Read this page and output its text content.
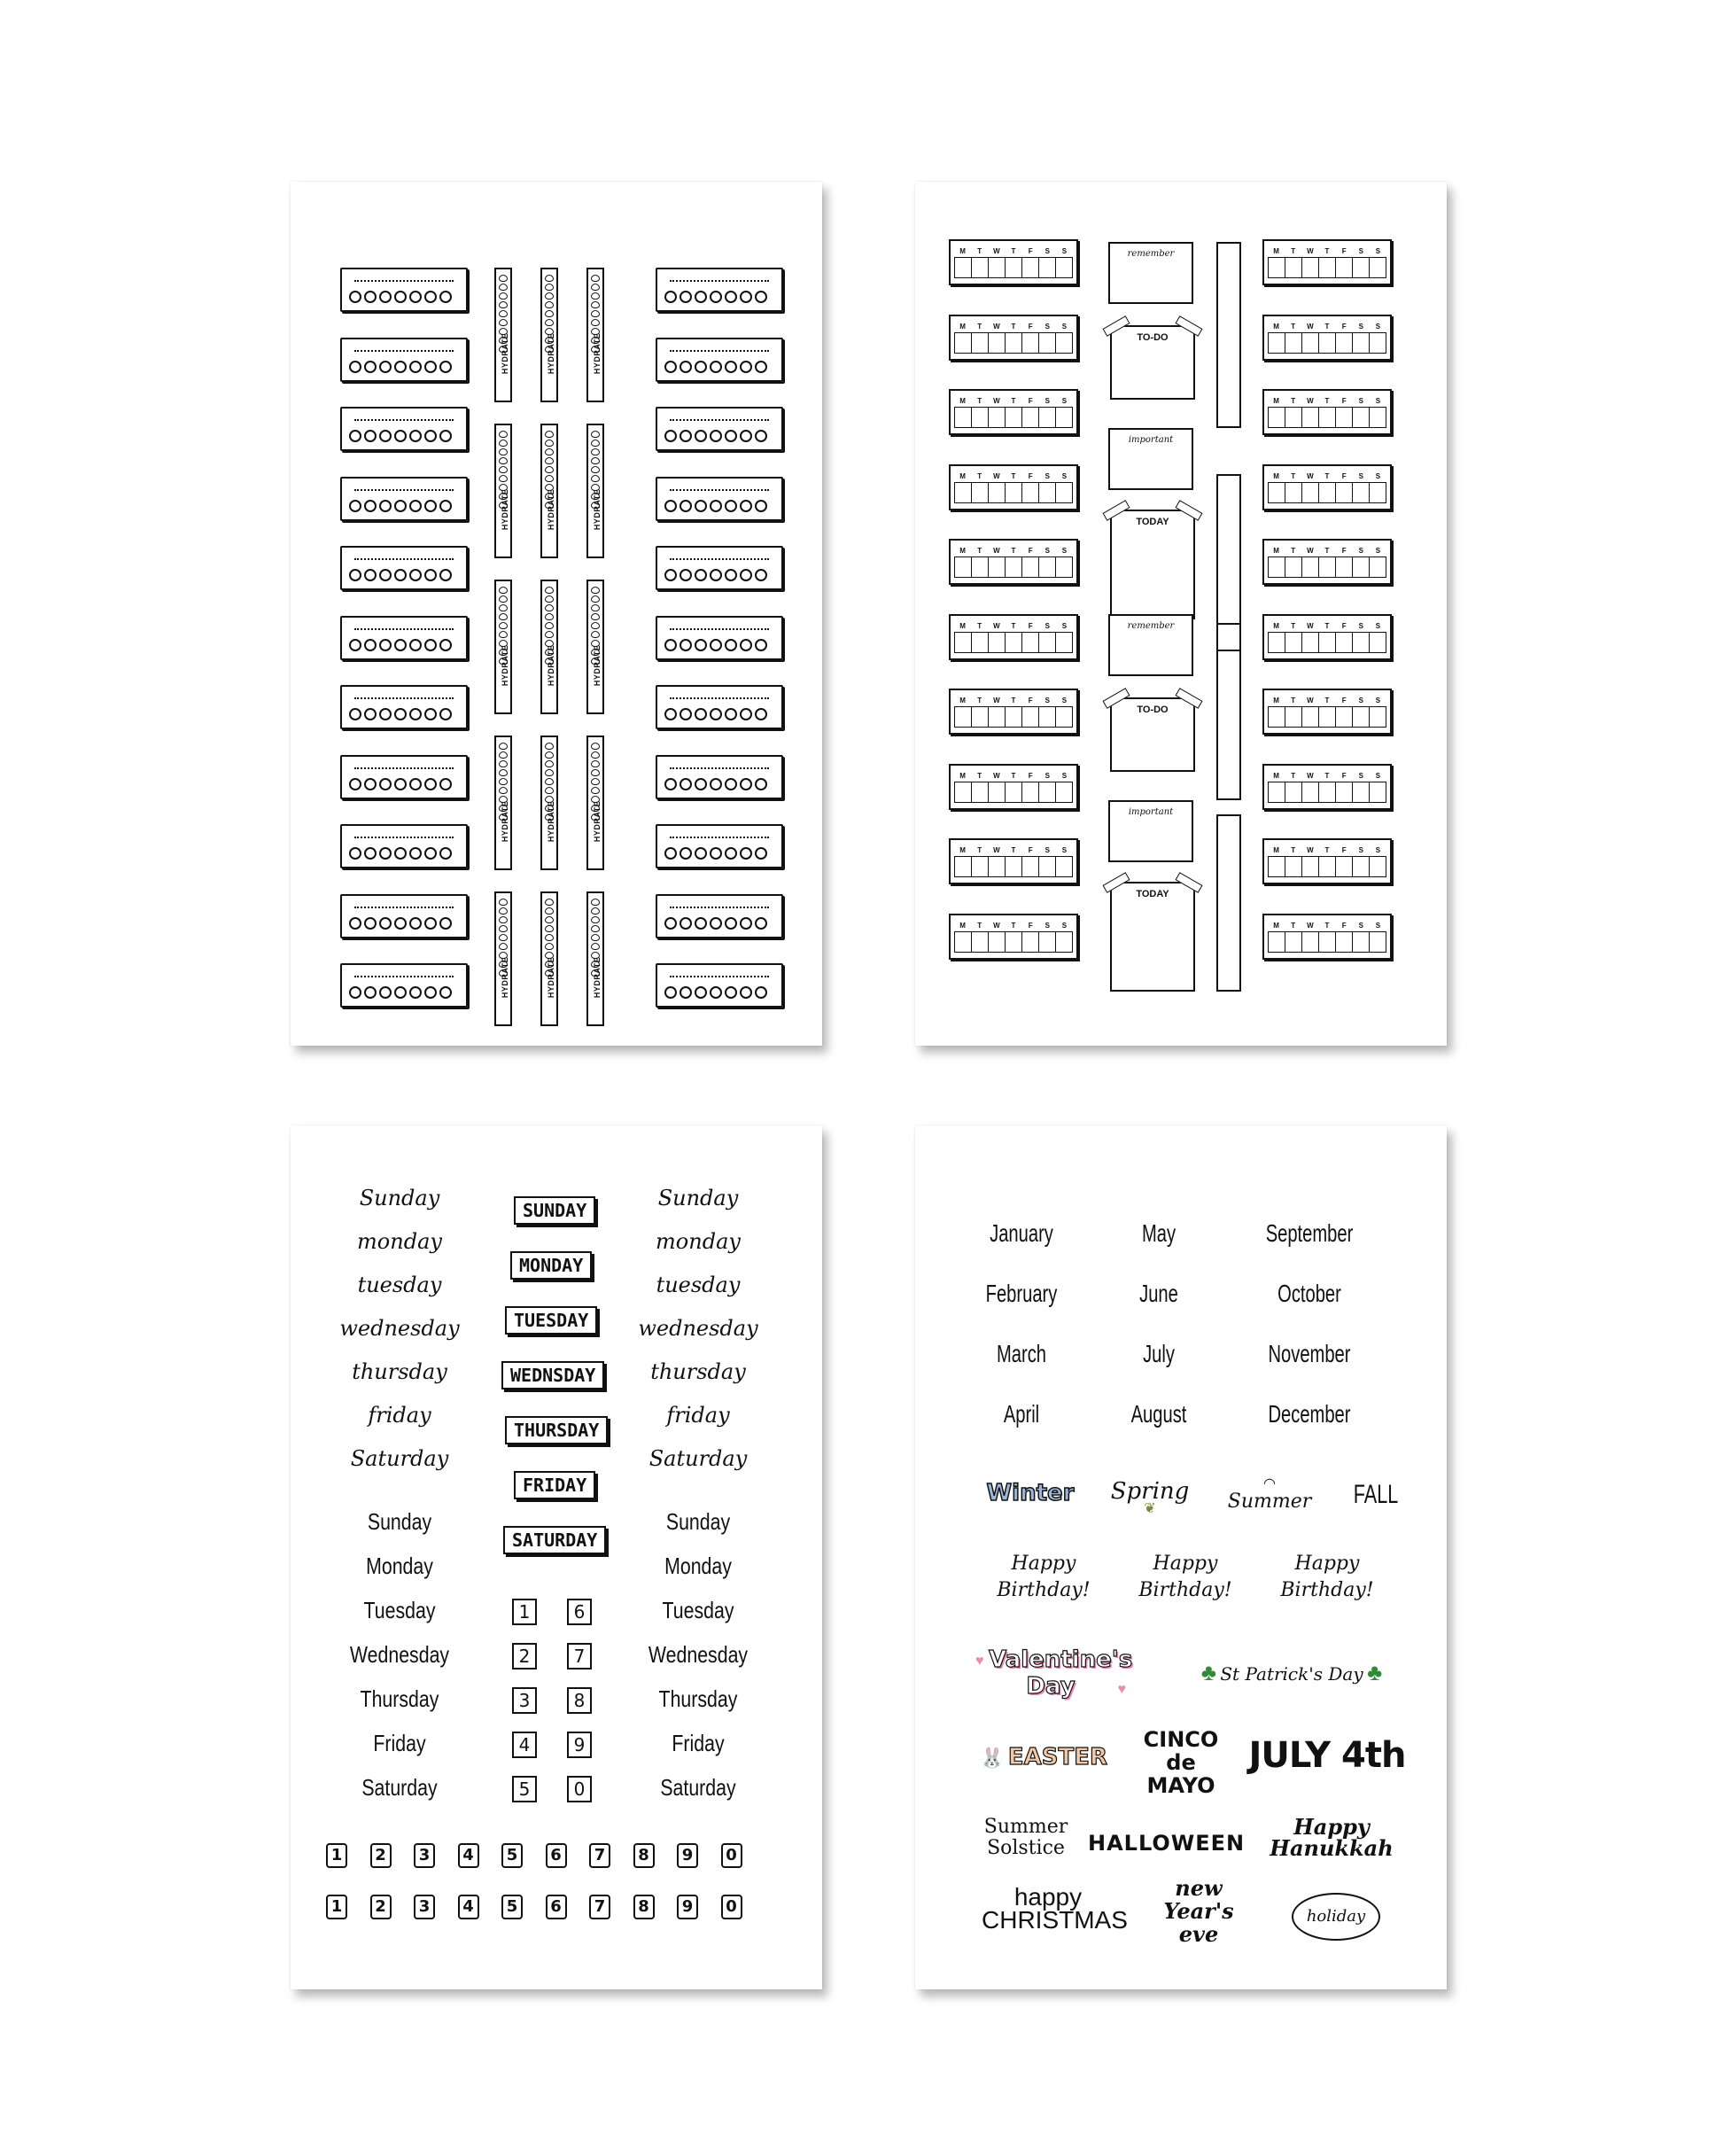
HYDRATE	HYDRATE	HYDRATE
HYDRATE	HYDRATE	HYDRATE
HYDRATE	HYDRATE	HYDRATE
HYDRATE	HYDRATE	HYDRATE
HYDRATE	HYDRATE	HYDRATE
M	T	W	T	F	S	S
M	T	W	T	F	S	S
M	T	W	T	F	S	S
M	T	W	T	F	S	S
M	T	W	T	F	S	S
M	T	W	T	F	S	S
M	T	W	T	F	S	S
M	T	W	T	F	S	S
M	T	W	T	F	S	S
M	T	W	T	F	S	S
remember
TO-DO
important
TODAY
remember
TO-DO
important
TODAY
M	T	W	T	F	S	S
M	T	W	T	F	S	S
M	T	W	T	F	S	S
M	T	W	T	F	S	S
M	T	W	T	F	S	S
M	T	W	T	F	S	S
M	T	W	T	F	S	S
M	T	W	T	F	S	S
M	T	W	T	F	S	S
M	T	W	T	F	S	S
Sunday	Sunday
Sunday	Sunday
monday	monday
Monday	Monday
tuesday	tuesday
Tuesday	Tuesday
wednesday	wednesday
Wednesday	Wednesday
thursday	thursday
Thursday	Thursday
friday	friday
Friday	Friday
Saturday	Saturday
Saturday	Saturday
SUNDAY
MONDAY
TUESDAY
WEDNSDAY
THURSDAY
FRIDAY
SATURDAY
1	6
2	7
3	8
4	9
5	0
1	2	3	4	5	6	7	8	9	0
1	2	3	4	5	6	7	8	9	0
January	May	September
February	June	October
March	July	November
April	August	December
Winter	Spring
❦
◠
Summer	FALL
Happy Birthday!
Happy Birthday!
Happy Birthday!
♥ Valentine's Day	♥
♣ St Patrick's Day ♣
🐰 EASTER
CINCO de MAYO
JULY 4th
Summer Solstice HALLOWEEN
Happy Hanukkah
happy CHRISTMAS
new Year's eve
holiday
